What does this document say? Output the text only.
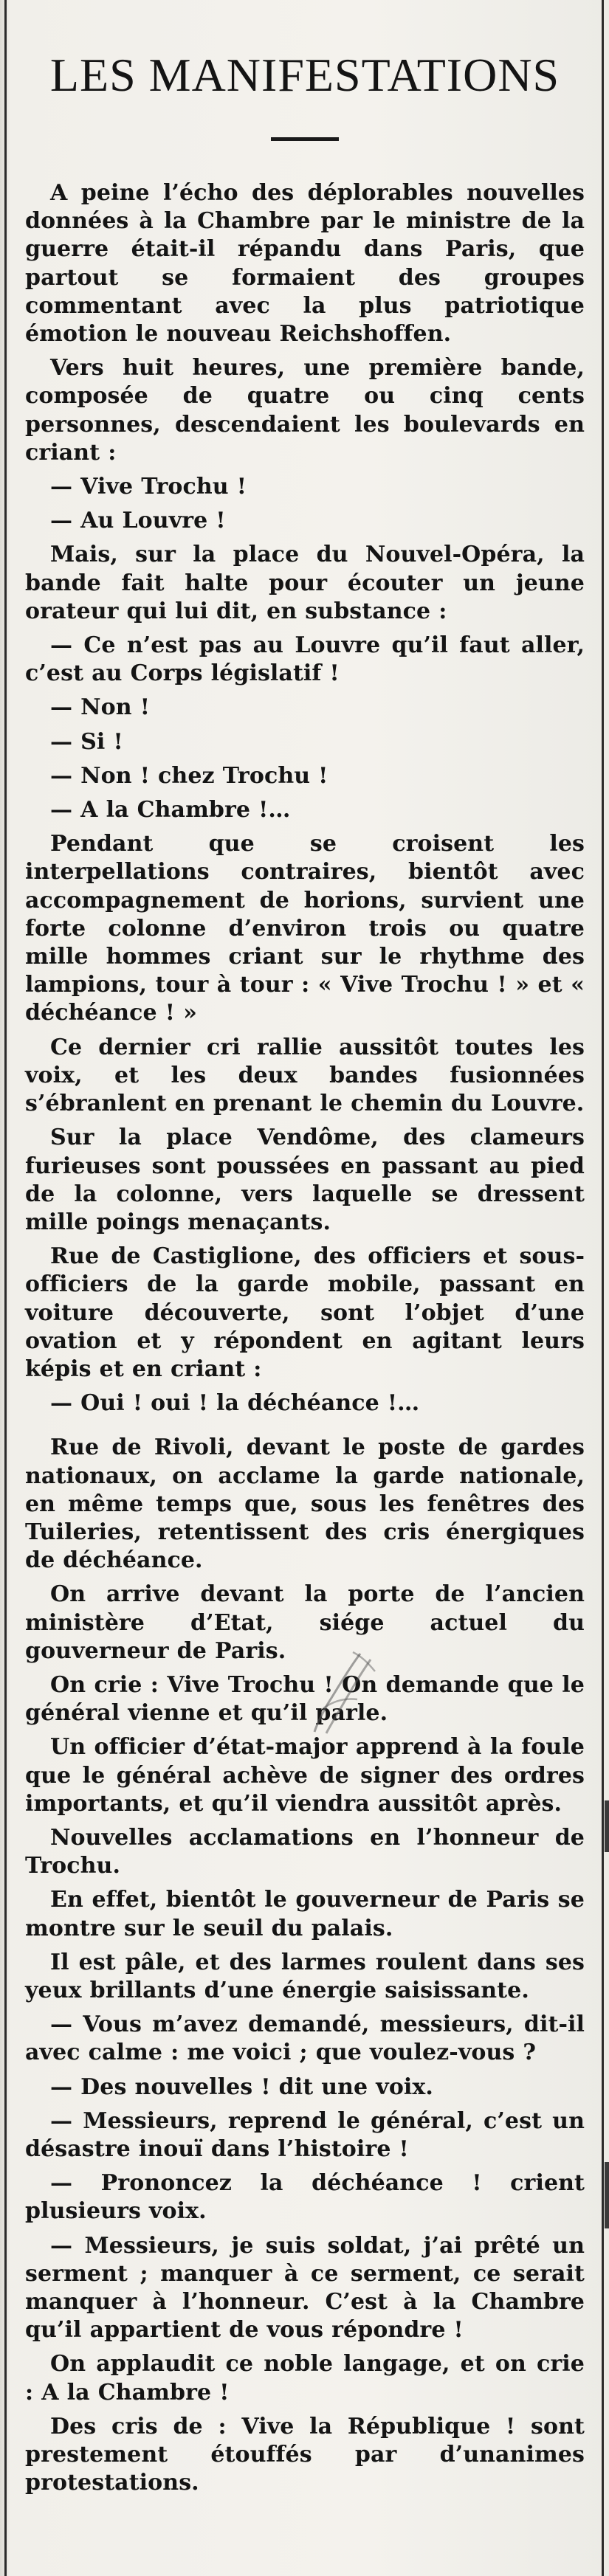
LES MANIFESTATIONS

A peine l’écho des déplorables nouvelles données à la Chambre par le ministre de la guerre était-il répandu dans Paris, que partout se formaient des groupes commentant avec la plus patriotique émotion le nouveau Reichshoffen.

Vers huit heures, une première bande, composée de quatre ou cinq cents personnes, descendaient les boulevards en criant :

— Vive Trochu !

— Au Louvre !

Mais, sur la place du Nouvel-Opéra, la bande fait halte pour écouter un jeune orateur qui lui dit, en substance :

— Ce n’est pas au Louvre qu’il faut aller, c’est au Corps législatif !

— Non !

— Si !

— Non ! chez Trochu !

— A la Chambre !…

Pendant que se croisent les interpellations contraires, bientôt avec accompagnement de horions, survient une forte colonne d’environ trois ou quatre mille hommes criant sur le rhythme des lampions, tour à tour : « Vive Trochu ! » et « déchéance ! »

Ce dernier cri rallie aussitôt toutes les voix, et les deux bandes fusionnées s’ébranlent en prenant le chemin du Louvre.

Sur la place Vendôme, des clameurs furieuses sont poussées en passant au pied de la colonne, vers laquelle se dressent mille poings menaçants.

Rue de Castiglione, des officiers et sous-officiers de la garde mobile, passant en voiture découverte, sont l’objet d’une ovation et y répondent en agitant leurs képis et en criant :

— Oui ! oui ! la déchéance !…

Rue de Rivoli, devant le poste de gardes nationaux, on acclame la garde nationale, en même temps que, sous les fenêtres des Tuileries, retentissent des cris énergiques de déchéance.

On arrive devant la porte de l’ancien ministère d’Etat, siége actuel du gouverneur de Paris.

On crie : Vive Trochu ! On demande que le général vienne et qu’il parle.

Un officier d’état-major apprend à la foule que le général achève de signer des ordres importants, et qu’il viendra aussitôt après.

Nouvelles acclamations en l’honneur de Trochu.

En effet, bientôt le gouverneur de Paris se montre sur le seuil du palais.

Il est pâle, et des larmes roulent dans ses yeux brillants d’une énergie saisissante.

— Vous m’avez demandé, messieurs, dit-il avec calme : me voici ; que voulez-vous ?

— Des nouvelles ! dit une voix.

— Messieurs, reprend le général, c’est un désastre inouï dans l’histoire !

— Prononcez la déchéance ! crient plusieurs voix.

— Messieurs, je suis soldat, j’ai prêté un serment ; manquer à ce serment, ce serait manquer à l’honneur. C’est à la Chambre qu’il appartient de vous répondre !

On applaudit ce noble langage, et on crie : A la Chambre !

Des cris de : Vive la République ! sont prestement étouffés par d’unanimes protestations.
